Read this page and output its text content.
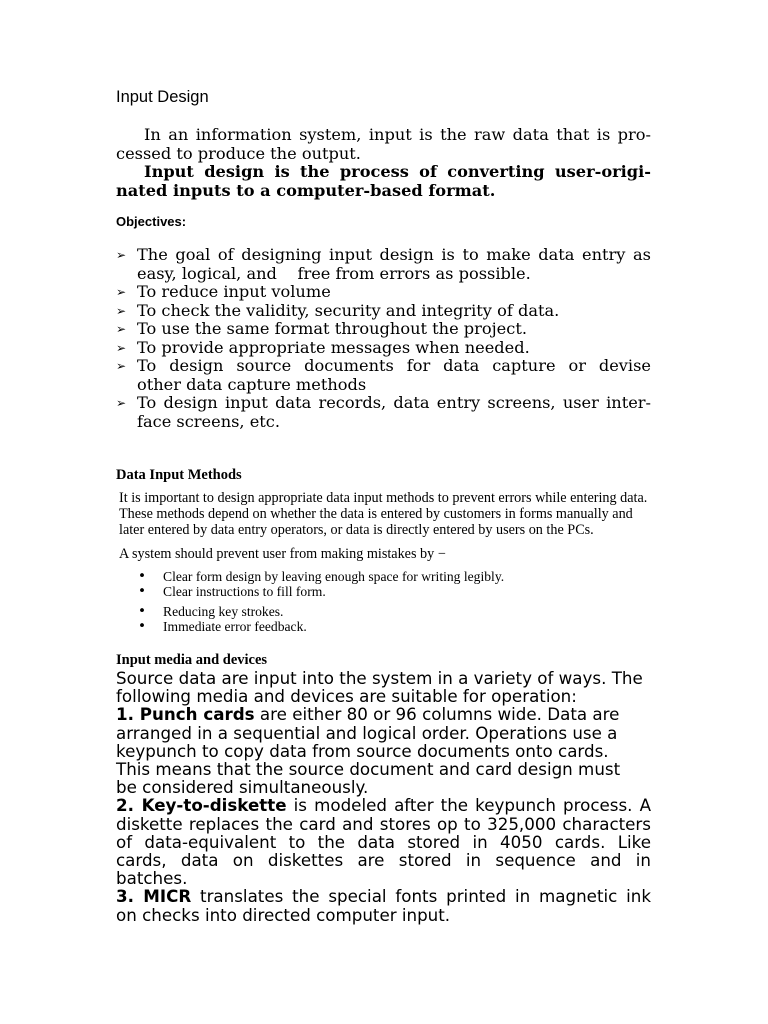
Input Design

In an information system, input is the raw data that is pro-

cessed to produce the output.

Input design is the process of converting user-origi-

nated inputs to a computer-based format.

Objectives:
➢ The goal of designing input design is to make data entry as
easy, logical, and    free from errors as possible.
➢ To reduce input volume
➢ To check the validity, security and integrity of data.
➢ To use the same format throughout the project.
➢ To provide appropriate messages when needed.
➢ To design source documents for data capture or devise
other data capture methods
➢ To design input data records, data entry screens, user inter-
face screens, etc.
Data Input Methods
It is important to design appropriate data input methods to prevent errors while entering data.
These methods depend on whether the data is entered by customers in forms manually and
later entered by data entry operators, or data is directly entered by users on the PCs.
A system should prevent user from making mistakes by −
• Clear form design by leaving enough space for writing legibly.
• Clear instructions to fill form.
• Reducing key strokes.
• Immediate error feedback.
Input media and devices
Source data are input into the system in a variety of ways. The
following media and devices are suitable for operation:
1. Punch cards are either 80 or 96 columns wide. Data are
arranged in a sequential and logical order. Operations use a
keypunch to copy data from source documents onto cards.
This means that the source document and card design must
be considered simultaneously.
2. Key-to-diskette is modeled after the keypunch process. A
diskette replaces the card and stores op to 325,000 characters
of data-equivalent to the data stored in 4050 cards. Like
cards, data on diskettes are stored in sequence and in
batches.
3. MICR translates the special fonts printed in magnetic ink
on checks into directed computer input.
